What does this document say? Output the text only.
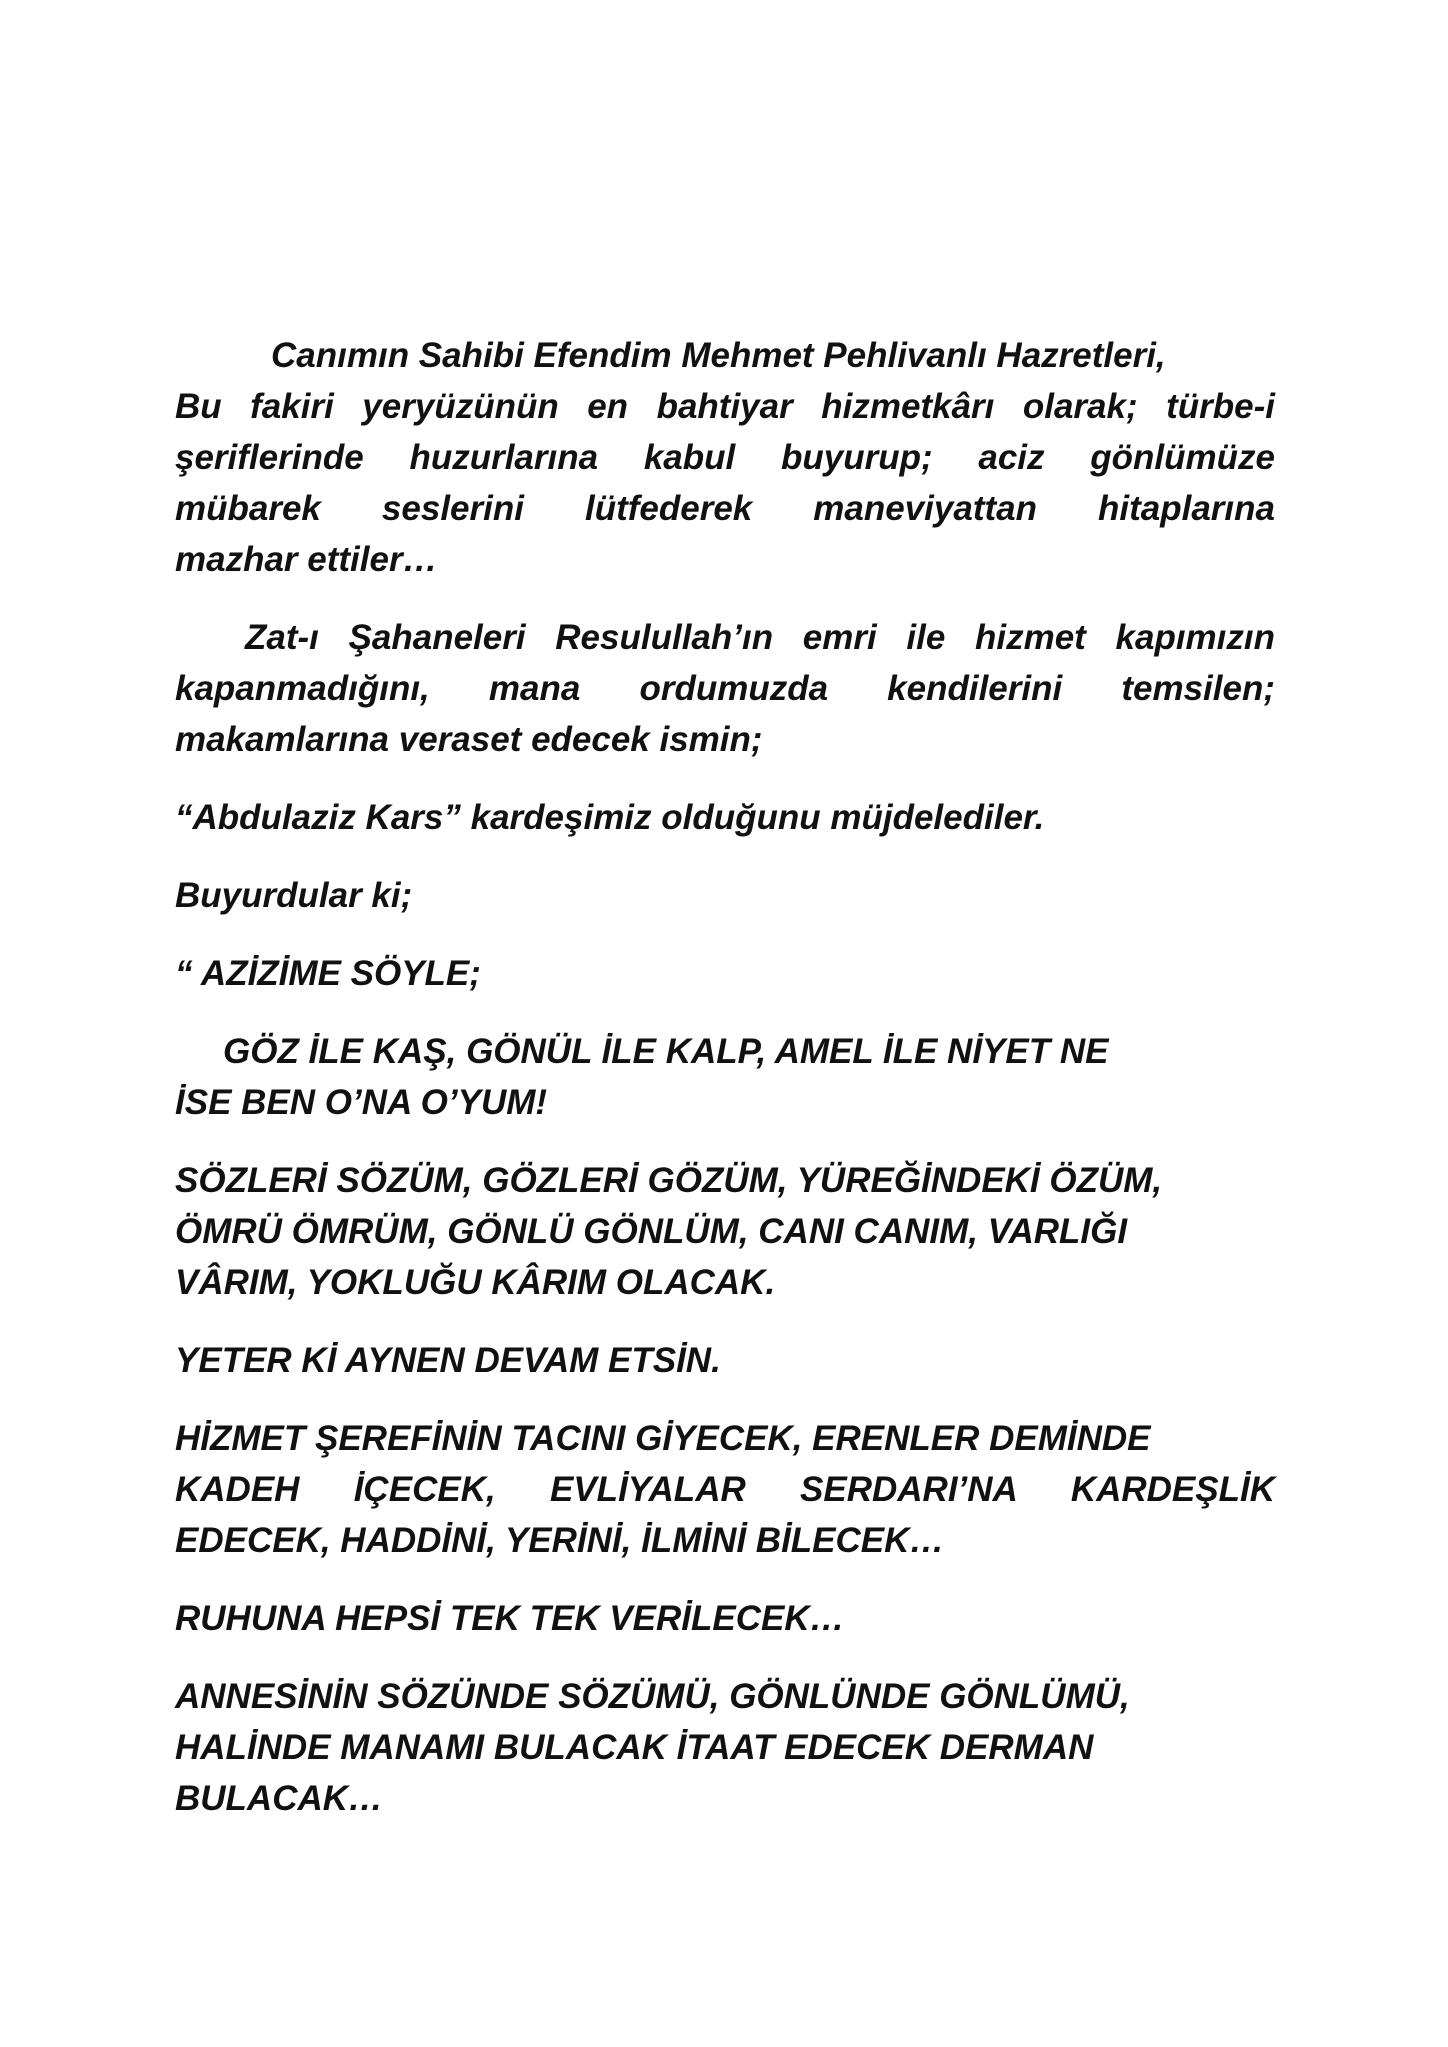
Canımın Sahibi Efendim Mehmet Pehlivanlı Hazretleri,
Bu fakiri yeryüzünün en bahtiyar hizmetkârı olarak; türbe-i
şeriflerinde huzurlarına kabul buyurup; aciz gönlümüze
mübarek seslerini lütfederek maneviyattan hitaplarına
mazhar ettiler…

Zat-ı Şahaneleri Resulullah’ın emri ile hizmet kapımızın
kapanmadığını, mana ordumuzda kendilerini temsilen;
makamlarına veraset edecek ismin;

“Abdulaziz Kars” kardeşimiz olduğunu müjdelediler.

Buyurdular ki;

“ AZİZİME SÖYLE;

GÖZ İLE KAŞ, GÖNÜL İLE KALP, AMEL İLE NİYET NE
İSE BEN O’NA O’YUM!

SÖZLERİ SÖZÜM, GÖZLERİ GÖZÜM, YÜREĞİNDEKİ ÖZÜM,
ÖMRÜ ÖMRÜM, GÖNLÜ GÖNLÜM, CANI CANIM, VARLIĞI
VÂRIM, YOKLUĞU KÂRIM OLACAK.

YETER Kİ AYNEN DEVAM ETSİN.

HİZMET ŞEREFİNİN TACINI GİYECEK, ERENLER DEMİNDE
KADEH İÇECEK, EVLİYALAR SERDARI’NA KARDEŞLİK
EDECEK, HADDİNİ, YERİNİ, İLMİNİ BİLECEK…

RUHUNA HEPSİ TEK TEK VERİLECEK…

ANNESİNİN SÖZÜNDE SÖZÜMÜ, GÖNLÜNDE GÖNLÜMÜ,
HALİNDE MANAMI BULACAK İTAAT EDECEK DERMAN
BULACAK…
